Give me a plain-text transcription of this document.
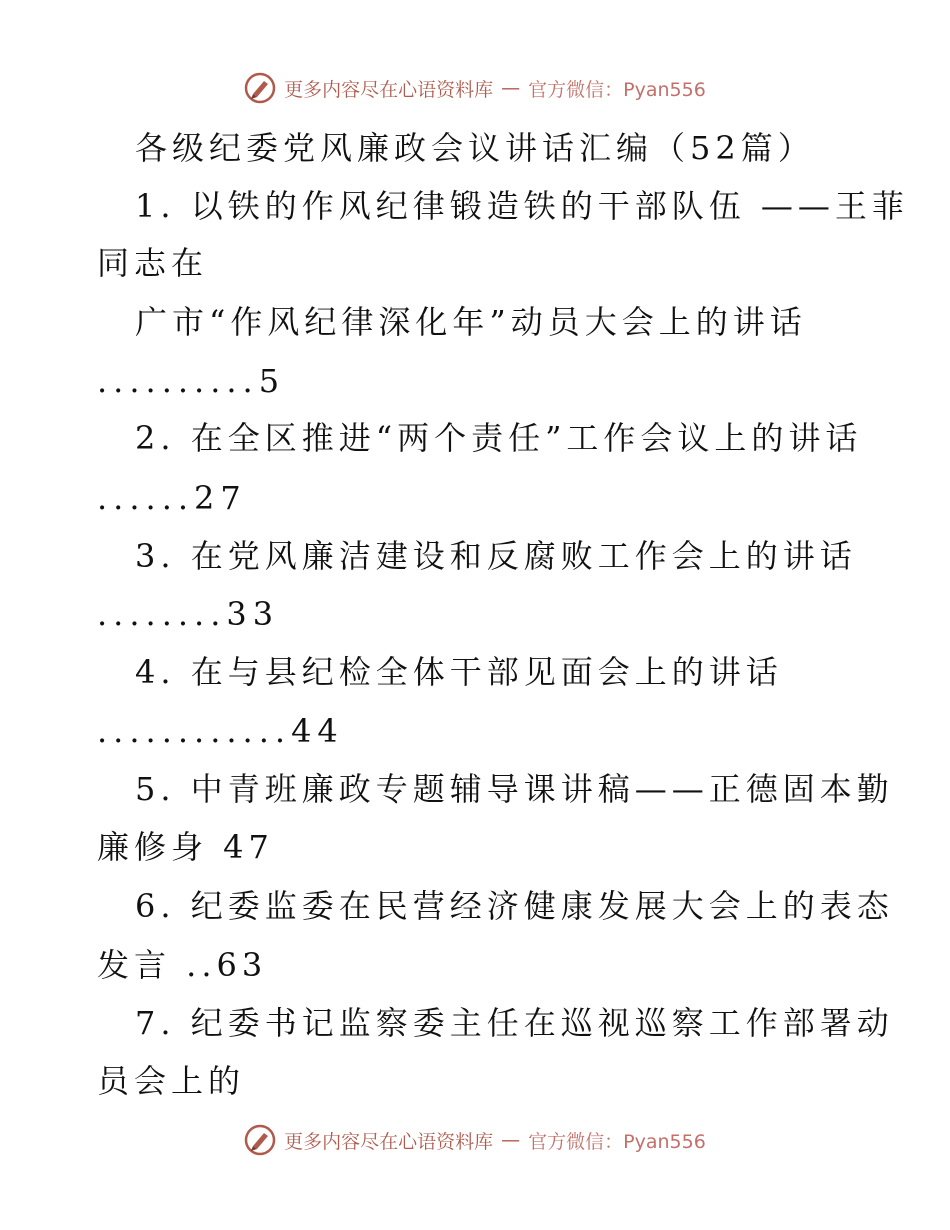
更多内容尽在心语资料库 — 官方微信：Pyan556
各级纪委党风廉政会议讲话汇编（52篇）
1. 以铁的作风纪律锻造铁的干部队伍 ——王菲
同志在
广市“作风纪律深化年”动员大会上的讲话
..........5
2. 在全区推进“两个责任”工作会议上的讲话
......27
3. 在党风廉洁建设和反腐败工作会上的讲话
........33
4. 在与县纪检全体干部见面会上的讲话
............44
5. 中青班廉政专题辅导课讲稿——正德固本勤
廉修身 47
6. 纪委监委在民营经济健康发展大会上的表态
发言 ..63
7. 纪委书记监察委主任在巡视巡察工作部署动
员会上的
更多内容尽在心语资料库 — 官方微信：Pyan556
